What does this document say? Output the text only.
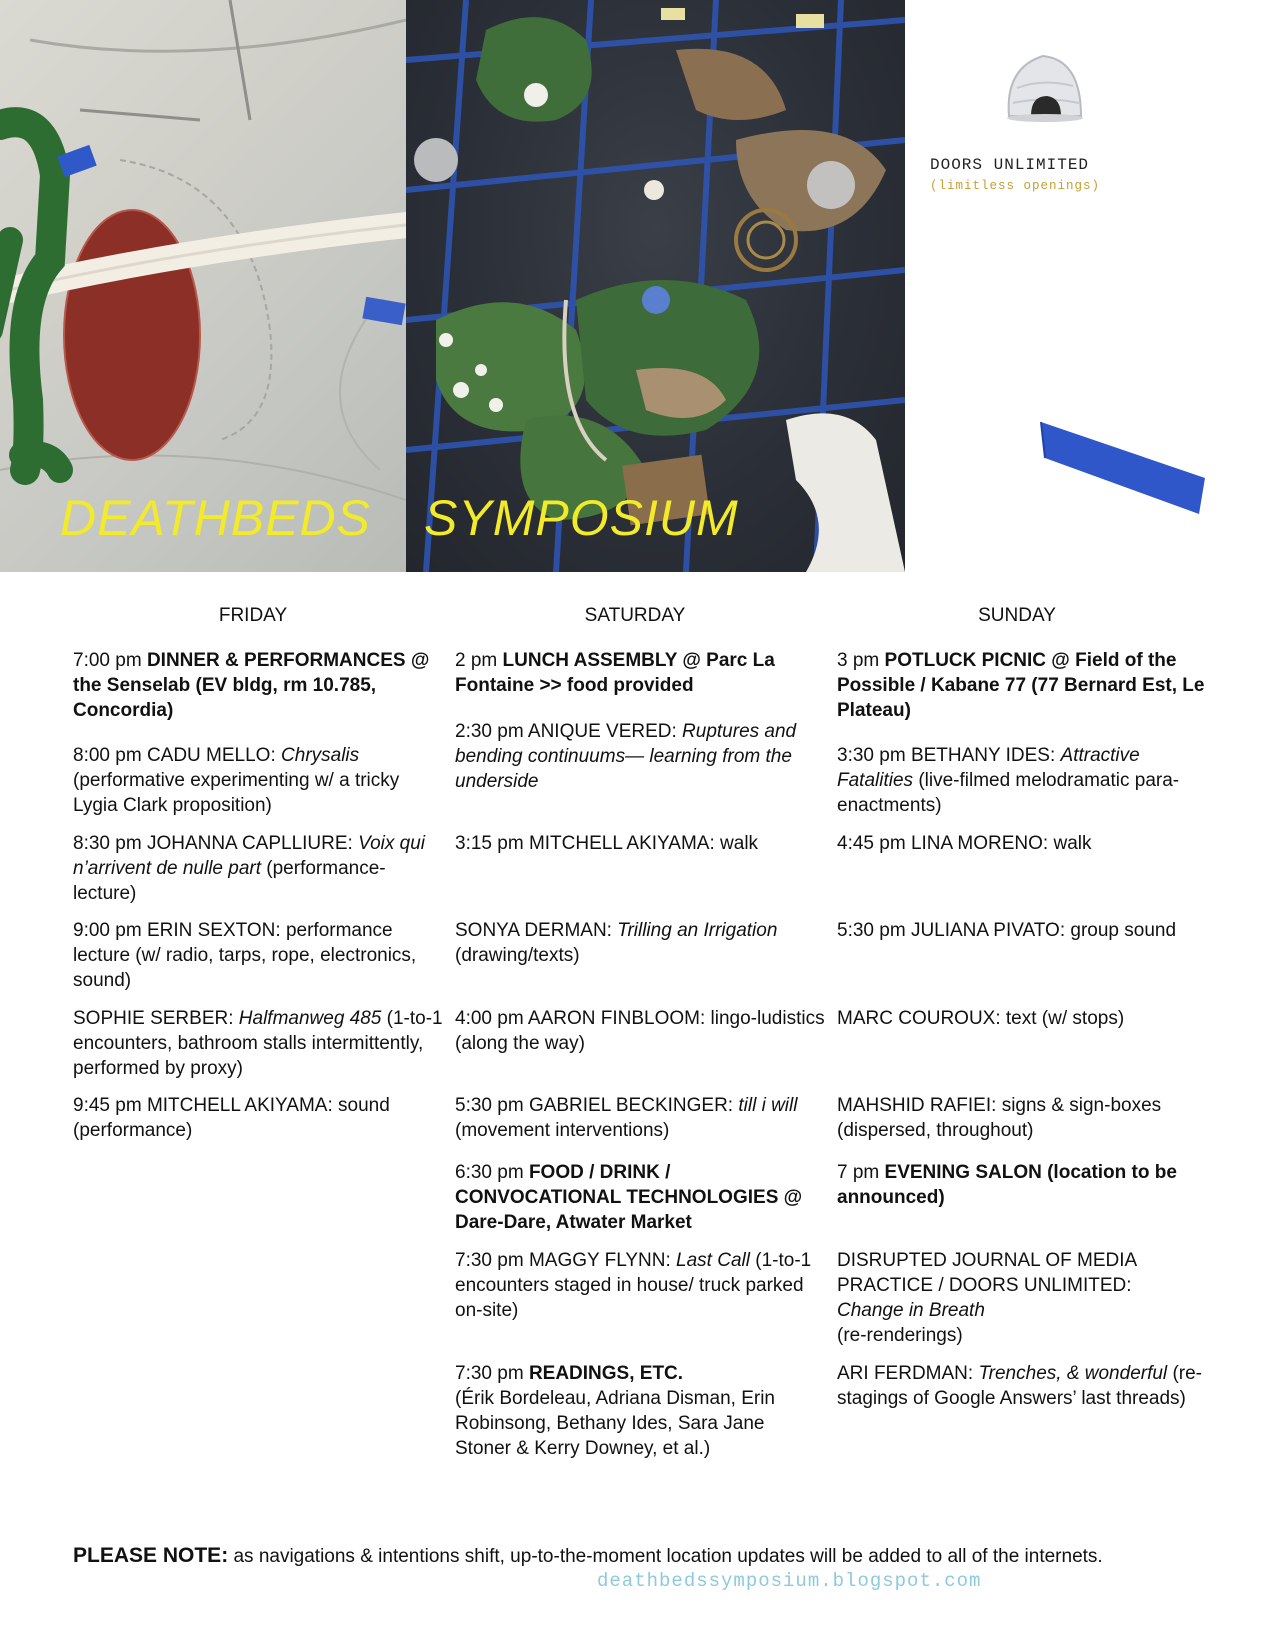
DEATHBEDS SYMPOSIUM
DOORS UNLIMITED
(limitless openings)
FRIDAY
7:00 pm DINNER & PERFORMANCES @ the Senselab (EV bldg, rm 10.785, Concordia)
8:00 pm CADU MELLO: Chrysalis (performative experimenting w/ a tricky Lygia Clark proposition)
8:30 pm JOHANNA CAPLLIURE: Voix qui n’arrivent de nulle part (performance-lecture)
9:00 pm ERIN SEXTON: performance lecture (w/ radio, tarps, rope, electronics, sound)
SOPHIE SERBER: Halfmanweg 485 (1-to-1 encounters, bathroom stalls intermittently, performed by proxy)
9:45 pm MITCHELL AKIYAMA: sound (performance)
SATURDAY
2 pm LUNCH ASSEMBLY @ Parc La Fontaine >> food provided
2:30 pm ANIQUE VERED: Ruptures and bending continuums— learning from the underside
3:15 pm MITCHELL AKIYAMA: walk
SONYA DERMAN: Trilling an Irrigation (drawing/texts)
4:00 pm AARON FINBLOOM: lingo-ludistics (along the way)
5:30 pm GABRIEL BECKINGER: till i will (movement interventions)
6:30 pm FOOD / DRINK / CONVOCATIONAL TECHNOLOGIES @ Dare-Dare, Atwater Market
7:30 pm MAGGY FLYNN: Last Call (1-to-1 encounters staged in house/ truck parked on-site)
7:30 pm READINGS, ETC.
(Érik Bordeleau, Adriana Disman, Erin Robinsong, Bethany Ides, Sara Jane Stoner & Kerry Downey, et al.)
SUNDAY
3 pm POTLUCK PICNIC @ Field of the Possible / Kabane 77 (77 Bernard Est, Le Plateau)
3:30 pm BETHANY IDES: Attractive Fatalities (live-filmed melodramatic para-enactments)
4:45 pm LINA MORENO: walk
5:30 pm JULIANA PIVATO: group sound
MARC COUROUX: text (w/ stops)
MAHSHID RAFIEI: signs & sign-boxes (dispersed, throughout)
7 pm EVENING SALON (location to be announced)
DISRUPTED JOURNAL OF MEDIA PRACTICE / DOORS UNLIMITED:
Change in Breath
(re-renderings)
ARI FERDMAN: Trenches, & wonderful (re-stagings of Google Answers’ last threads)
PLEASE NOTE: as navigations & intentions shift, up-to-the-moment location updates will be added to all of the internets.
deathbedssymposium.blogspot.com
